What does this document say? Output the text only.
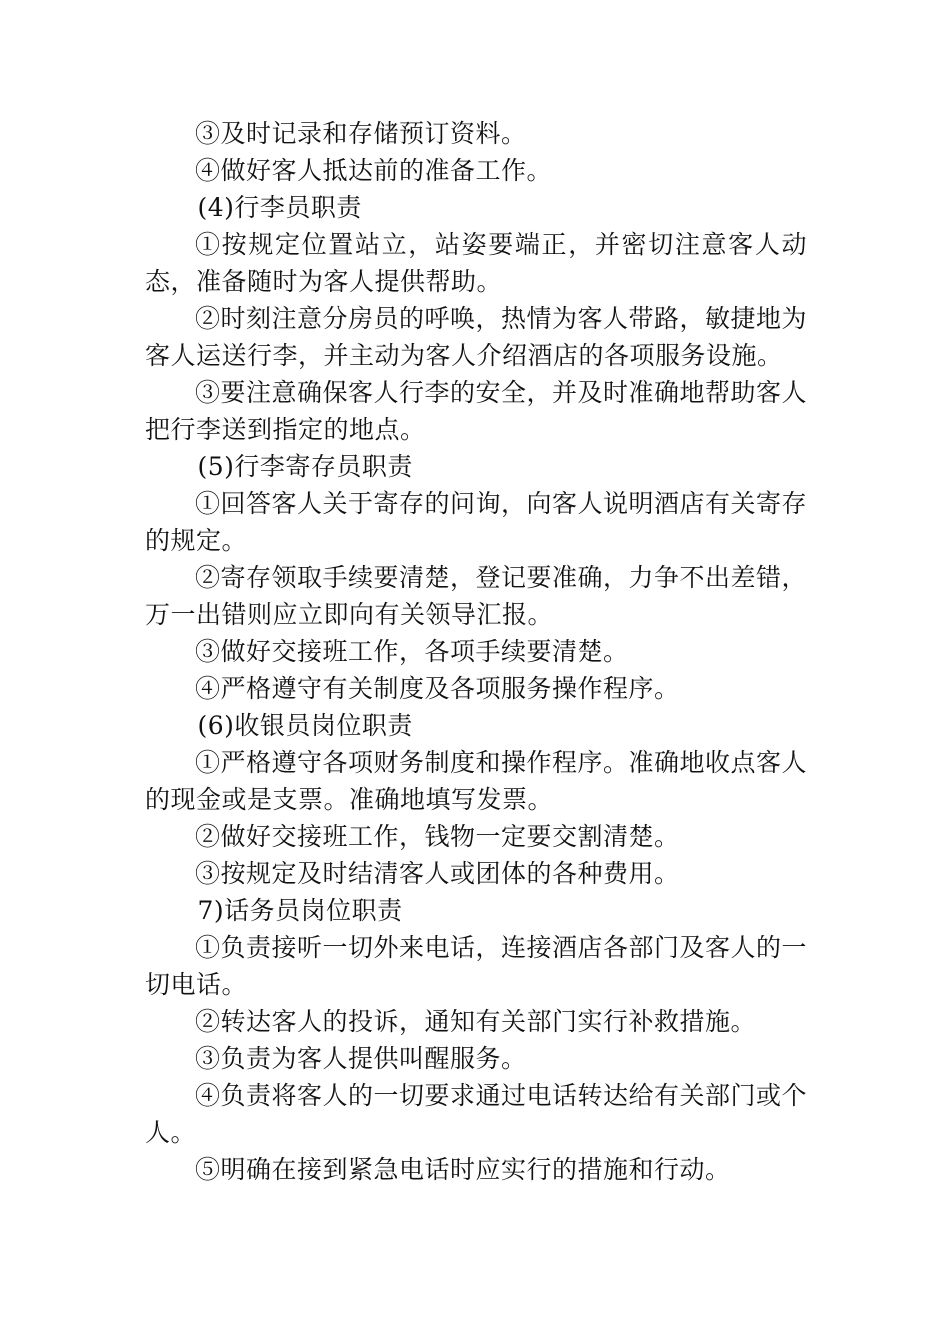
③及时记录和存储预订资料。

④做好客人抵达前的准备工作。

(4)行李员职责

①按规定位置站立，站姿要端正，并密切注意客人动态，准备随时为客人提供帮助。

②时刻注意分房员的呼唤，热情为客人带路，敏捷地为客人运送行李，并主动为客人介绍酒店的各项服务设施。

③要注意确保客人行李的安全，并及时准确地帮助客人把行李送到指定的地点。

(5)行李寄存员职责

①回答客人关于寄存的问询，向客人说明酒店有关寄存的规定。

②寄存领取手续要清楚，登记要准确，力争不出差错，万一出错则应立即向有关领导汇报。

③做好交接班工作，各项手续要清楚。

④严格遵守有关制度及各项服务操作程序。

(6)收银员岗位职责

①严格遵守各项财务制度和操作程序。准确地收点客人的现金或是支票。准确地填写发票。

②做好交接班工作，钱物一定要交割清楚。

③按规定及时结清客人或团体的各种费用。

7)话务员岗位职责

①负责接听一切外来电话，连接酒店各部门及客人的一切电话。

②转达客人的投诉，通知有关部门实行补救措施。

③负责为客人提供叫醒服务。

④负责将客人的一切要求通过电话转达给有关部门或个人。

⑤明确在接到紧急电话时应实行的措施和行动。
